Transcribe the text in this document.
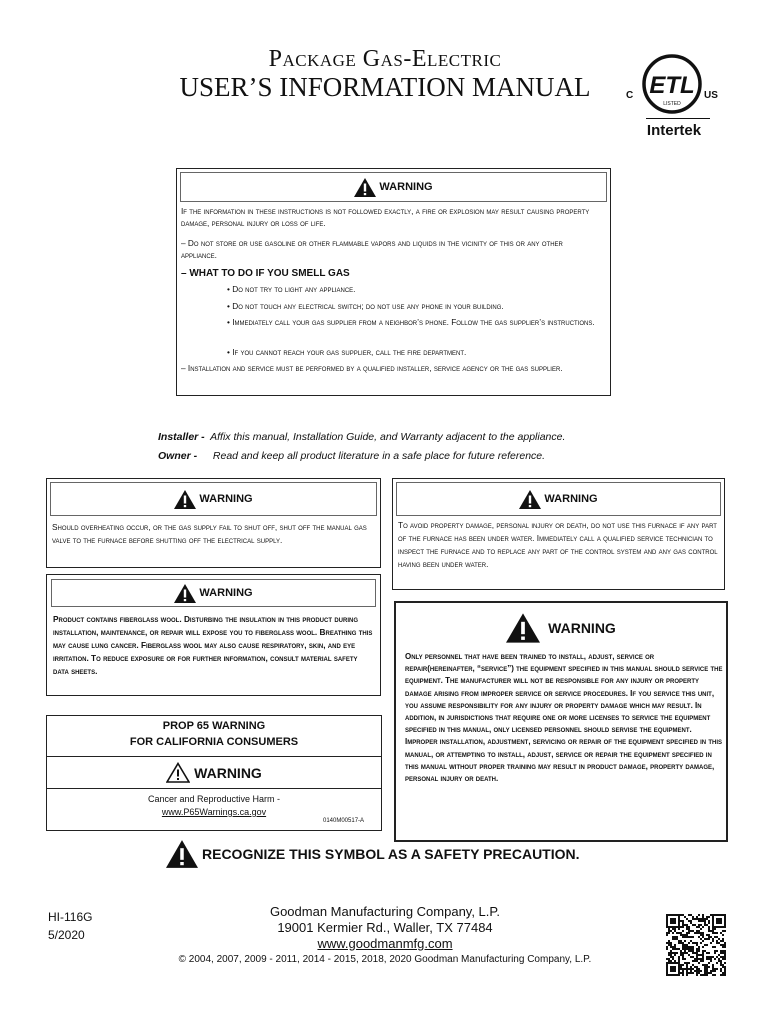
Package Gas-Electric
USER’S INFORMATION MANUAL	ETL
LISTED
C	US
Intertek
WARNING
If the information in these instructions is not followed exactly, a fire or explosion may result causing property damage, personal injury or loss of life.
– Do not store or use gasoline or other flammable vapors and liquids in the vicinity of this or any other appliance.
– WHAT TO DO IF YOU SMELL GAS
• Do not try to light any appliance.
• Do not touch any electrical switch; do not use any phone in your building.
• Immediately call your gas supplier from a neighbor’s phone. Follow the gas supplier’s instructions.
• If you cannot reach your gas supplier, call the fire department.
– Installation and service must be performed by a qualified installer, service agency or the gas supplier.
Installer - Affix this manual, Installation Guide, and Warranty adjacent to the appliance.
Owner - Read and keep all product literature in a safe place for future reference.
WARNING
Should overheating occur, or the gas supply fail to shut off, shut off the manual gas valve to the furnace before shutting off the electrical supply.
WARNING
To avoid property damage, personal injury or death, do not use this furnace if any part of the furnace has been under water. Immediately call a qualified service technician to inspect the furnace and to replace any part of the control system and any gas control having been under water.
WARNING
Product contains fiberglass wool. Disturbing the insulation in this product during installation, maintenance, or repair will expose you to fiberglass wool. Breathing this may cause lung cancer. Fiberglass wool may also cause respiratory, skin, and eye irritation. To reduce exposure or for further information, consult material safety data sheets.
WARNING
Only personnel that have been trained to install, adjust, service or repair(hereinafter, “service”) the equipment specified in this manual should service the equipment. The manufacturer will not be responsible for any injury or property damage arising from improper service or service procedures. If you service this unit, you assume responsibility for any injury or property damage which may result. In addition, in jurisdictions that require one or more licenses to service the equipment specified in this manual, only licensed personnel should servise the equipment. Improper installation, adjustment, servicing or repair of the equipment specified in this manual, or attempting to install, adjust, service or repair the equipment specified in this manual without proper training may result in product damage, property damage, personal injury or death.
PROP 65 WARNING
FOR CALIFORNIA CONSUMERS
WARNING
Cancer and Reproductive Harm -
www.P65Warnings.ca.gov
0140M00517-A
RECOGNIZE THIS SYMBOL AS A SAFETY PRECAUTION.
HI-116G
5/2020
Goodman Manufacturing Company, L.P.
19001 Kermier Rd., Waller, TX 77484
www.goodmanmfg.com
© 2004, 2007, 2009 - 2011, 2014 - 2015, 2018, 2020 Goodman Manufacturing Company, L.P.
